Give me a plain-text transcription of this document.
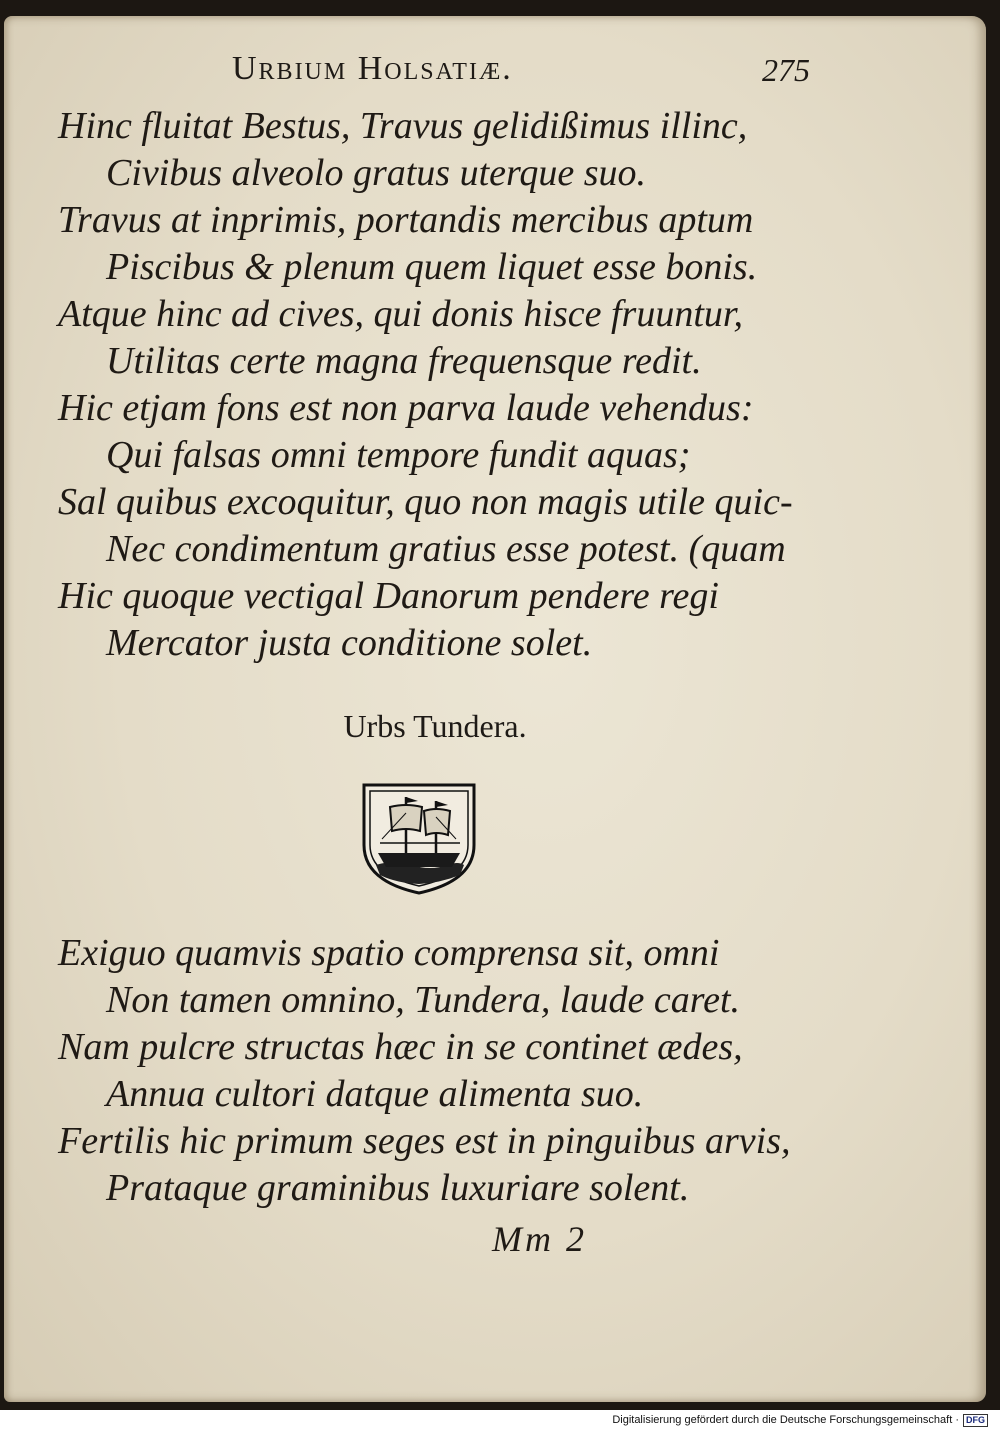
Urbium Holsatiæ.	275

Hinc fluitat Bestus, Travus gelidißimus illinc,

Civibus alveolo gratus uterque suo.

Travus at inprimis, portandis mercibus aptum

Piscibus & plenum quem liquet esse bonis.

Atque hinc ad cives, qui donis hisce fruuntur,

Utilitas certe magna frequensque redit.

Hic etjam fons est non parva laude vehendus:

Qui falsas omni tempore fundit aquas;

Sal quibus excoquitur, quo non magis utile quic-

Nec condimentum gratius esse potest. (quam

Hic quoque vectigal Danorum pendere regi

Mercator justa conditione solet.

Urbs Tundera.

Exiguo quamvis spatio comprensa sit, omni

Non tamen omnino, Tundera, laude caret.

Nam pulcre structas hæc in se continet ædes,

Annua cultori datque alimenta suo.

Fertilis hic primum seges est in pinguibus arvis,

Prataque graminibus luxuriare solent.

Mm 2
Digitalisierung gefördert durch die Deutsche Forschungsgemeinschaft · DFG
